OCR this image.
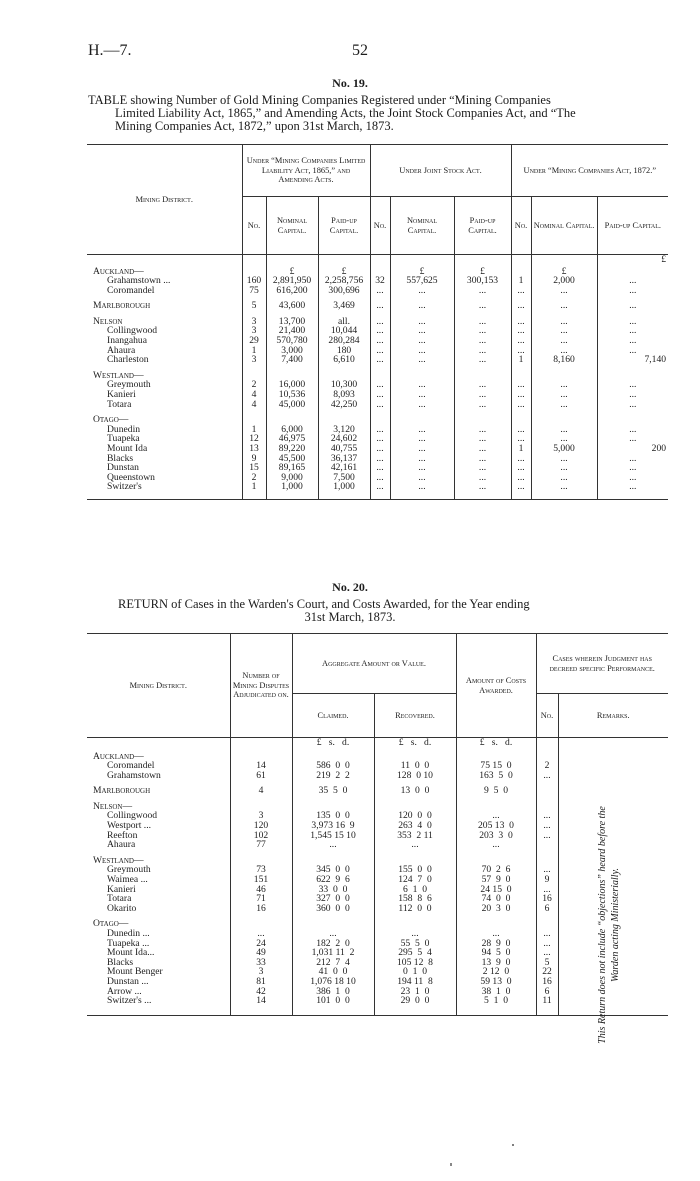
H.—7.	52
No. 19.
TABLE showing Number of Gold Mining Companies Registered under “Mining Companies
Limited Liability Act, 1865,” and Amending Acts, the Joint Stock Companies Act, and “The
Mining Companies Act, 1872,” upon 31st March, 1873.
Mining District.	Under “Mining Companies Limited Liability Act, 1865,” and Amending Acts.			Under Joint Stock Act.			Under “Mining Companies Act, 1872.”		
	No.	Nominal Capital.	Paid-up Capital.	No.	Nominal Capital.	Paid-up Capital.	No.	Nominal Capital.	Paid-up Capital.
									£
Auckland—		£	£		£	£		£	
Grahamstown ...	160	2,891,950	2,258,756	32	557,625	300,153	1	2,000	...
Coromandel	75	616,200	300,696	...	...	...	...	...	...

Marlborough	5	43,600	3,469	...	...	...	...	...	...

Nelson	3	13,700	all.	...	...	...	...	...	...
Collingwood	3	21,400	10,044	...	...	...	...	...	...
Inangahua	29	570,780	280,284	...	...	...	...	...	...
Ahaura	1	3,000	180	...	...	...	...	...	...
Charleston	3	7,400	6,610	...	...	...	1	8,160	7,140

Westland—									
Greymouth	2	16,000	10,300	...	...	...	...	...	...
Kanieri	4	10,536	8,093	...	...	...	...	...	...
Totara	4	45,000	42,250	...	...	...	...	...	...

Otago—									
Dunedin	1	6,000	3,120	...	...	...	...	...	...
Tuapeka	12	46,975	24,602	...	...	...	...	...	...
Mount Ida	13	89,220	40,755	...	...	...	1	5,000	200
Blacks	9	45,500	36,137	...	...	...	...	...	...
Dunstan	15	89,165	42,161	...	...	...	...	...	...
Queenstown	2	9,000	7,500	...	...	...	...	...	...
Switzer's	1	1,000	1,000	...	...	...	...	...	...

No. 20.
RETURN of Cases in the Warden's Court, and Costs Awarded, for the Year ending
31st March, 1873.
Mining District.	Number of Mining Disputes Adjudicated on.	Aggregate Amount or Value.		Amount of Costs Awarded.	Cases wherein Judgment has decreed specific Performance.	
		Claimed.	Recovered.		No.	Remarks.
		£   s.   d.	£   s.   d.	£   s.   d.		
Auckland—						
Coromandel	14	586  0  0	11  0  0	75 15  0	2	
Grahamstown	61	219  2  2	128  0 10	163  5  0	...	

Marlborough	4	35  5  0	13  0  0	9  5  0		

Nelson—						
Collingwood	3	135  0  0	120  0  0	...	...	
Westport ...	120	3,973 16  9	263  4  0	205 13  0	...	
Reefton	102	1,545 15 10	353  2 11	203  3  0	...	
Ahaura	77	...	...	...		

Westland—						
Greymouth	73	345  0  0	155  0  0	70  2  6	...	
Waimea ...	151	622  9  6	124  7  0	57  9  0	9	
Kanieri	46	33  0  0	6  1  0	24 15  0	...	
Totara	71	327  0  0	158  8  6	74  0  0	16	
Okarito	16	360  0  0	112  0  0	20  3  0	6	

Otago—						
Dunedin ...	...	...	...	...	...	
Tuapeka ...	24	182  2  0	55  5  0	28  9  0	...	
Mount Ida...	49	1,031 11  2	295  5  4	94  5  0	...	
Blacks	33	212  7  4	105 12  8	13  9  0	5	
Mount Benger	3	41  0  0	0  1  0	2 12  0	22	
Dunstan ...	81	1,076 18 10	194 11  8	59 13  0	16	
Arrow ...	42	386  1  0	23  1  0	38  1  0	6	
Switzer's ...	14	101  0  0	29  0  0	5  1  0	11	
						This Return does not include “objections” heard before the Warden acting Ministerially.
